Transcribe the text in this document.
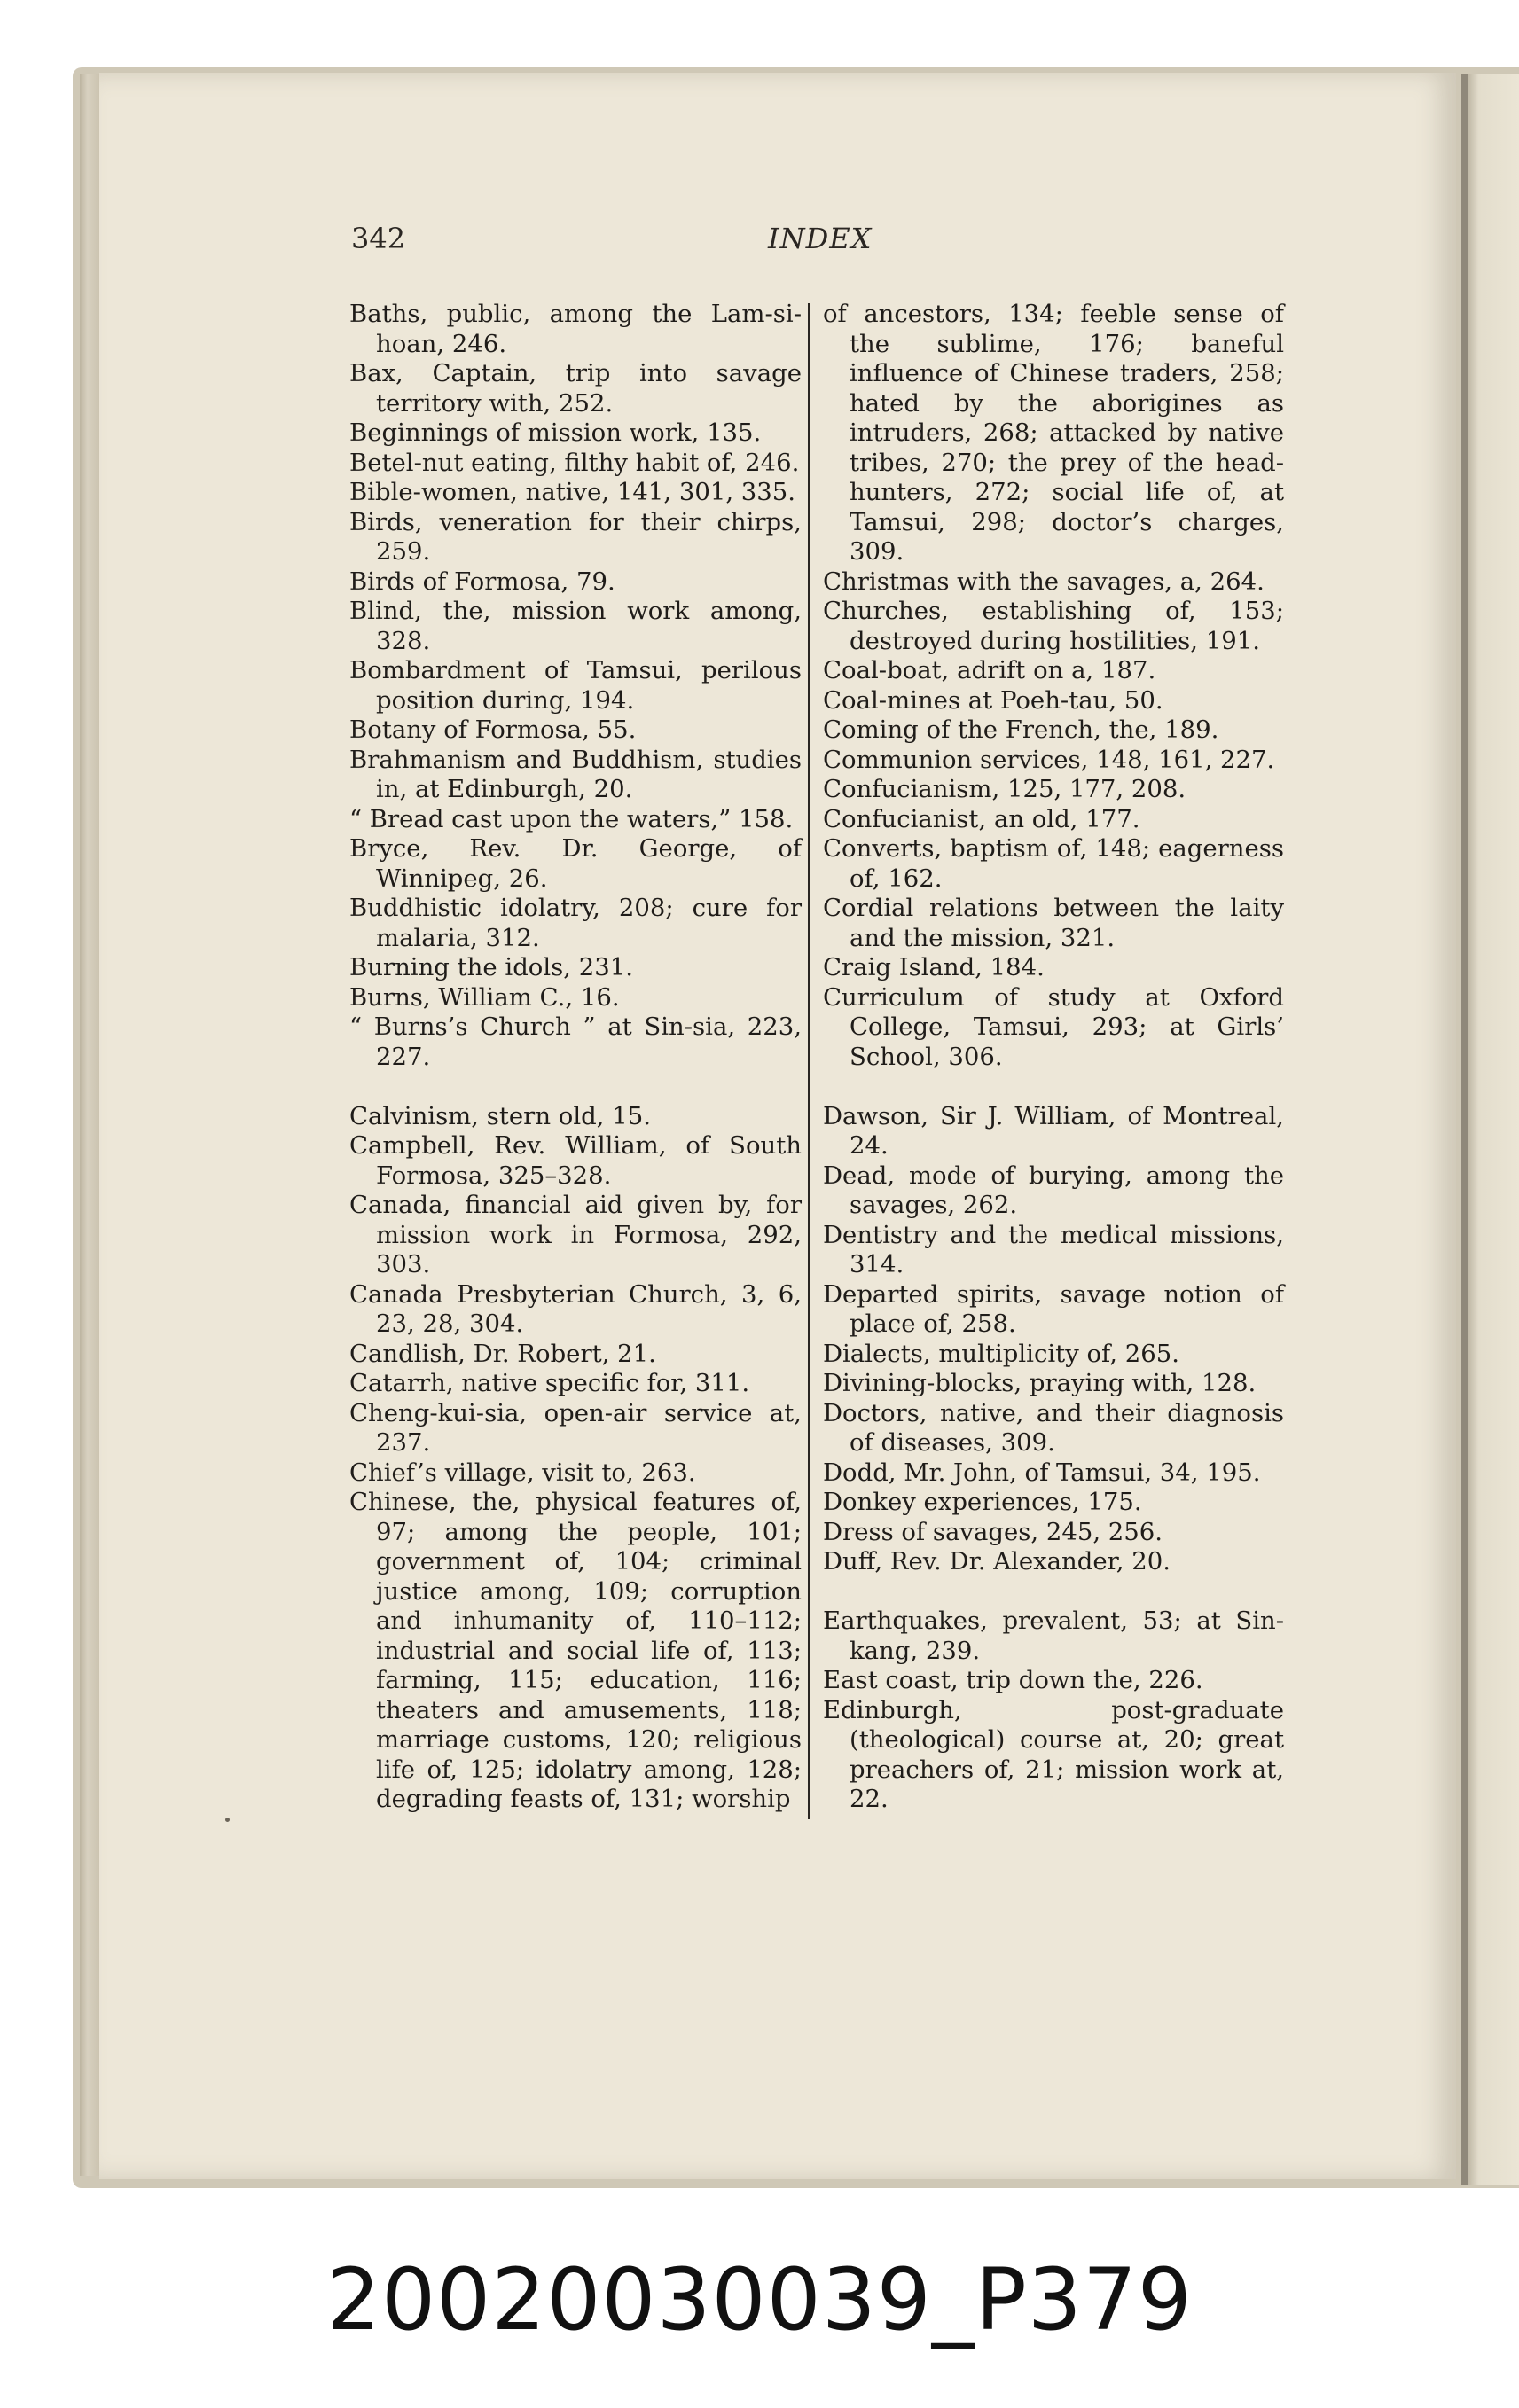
342	INDEX
Baths, public, among the Lam-si-hoan, 246.
Bax, Captain, trip into savage territory with, 252.
Beginnings of mission work, 135.
Betel-nut eating, filthy habit of, 246.
Bible-women, native, 141, 301, 335.
Birds, veneration for their chirps, 259.
Birds of Formosa, 79.
Blind, the, mission work among, 328.
Bombardment of Tamsui, perilous position during, 194.
Botany of Formosa, 55.
Brahmanism and Buddhism, studies in, at Edinburgh, 20.
“ Bread cast upon the waters,” 158.
Bryce, Rev. Dr. George, of Winnipeg, 26.
Buddhistic idolatry, 208; cure for malaria, 312.
Burning the idols, 231.
Burns, William C., 16.
“ Burns’s Church ” at Sin-sia, 223, 227.
Calvinism, stern old, 15.
Campbell, Rev. William, of South Formosa, 325–328.
Canada, financial aid given by, for mission work in Formosa, 292, 303.
Canada Presbyterian Church, 3, 6, 23, 28, 304.
Candlish, Dr. Robert, 21.
Catarrh, native specific for, 311.
Cheng-kui-sia, open-air service at, 237.
Chief’s village, visit to, 263.
Chinese, the, physical features of, 97; among the people, 101; government of, 104; criminal justice among, 109; corruption and inhumanity of, 110–112; industrial and social life of, 113; farming, 115; education, 116; theaters and amusements, 118; marriage customs, 120; religious life of, 125; idolatry among, 128; degrading feasts of, 131; worship
of ancestors, 134; feeble sense of the sublime, 176; baneful influence of Chinese traders, 258; hated by the aborigines as intruders, 268; attacked by native tribes, 270; the prey of the head-hunters, 272; social life of, at Tamsui, 298; doctor’s charges, 309.
Christmas with the savages, a, 264.
Churches, establishing of, 153; destroyed during hostilities, 191.
Coal-boat, adrift on a, 187.
Coal-mines at Poeh-tau, 50.
Coming of the French, the, 189.
Communion services, 148, 161, 227.
Confucianism, 125, 177, 208.
Confucianist, an old, 177.
Converts, baptism of, 148; eagerness of, 162.
Cordial relations between the laity and the mission, 321.
Craig Island, 184.
Curriculum of study at Oxford College, Tamsui, 293; at Girls’ School, 306.
Dawson, Sir J. William, of Montreal, 24.
Dead, mode of burying, among the savages, 262.
Dentistry and the medical missions, 314.
Departed spirits, savage notion of place of, 258.
Dialects, multiplicity of, 265.
Divining-blocks, praying with, 128.
Doctors, native, and their diagnosis of diseases, 309.
Dodd, Mr. John, of Tamsui, 34, 195.
Donkey experiences, 175.
Dress of savages, 245, 256.
Duff, Rev. Dr. Alexander, 20.
Earthquakes, prevalent, 53; at Sin-kang, 239.
East coast, trip down the, 226.
Edinburgh, post-graduate (theological) course at, 20; great preachers of, 21; mission work at, 22.
20020030039_P379
